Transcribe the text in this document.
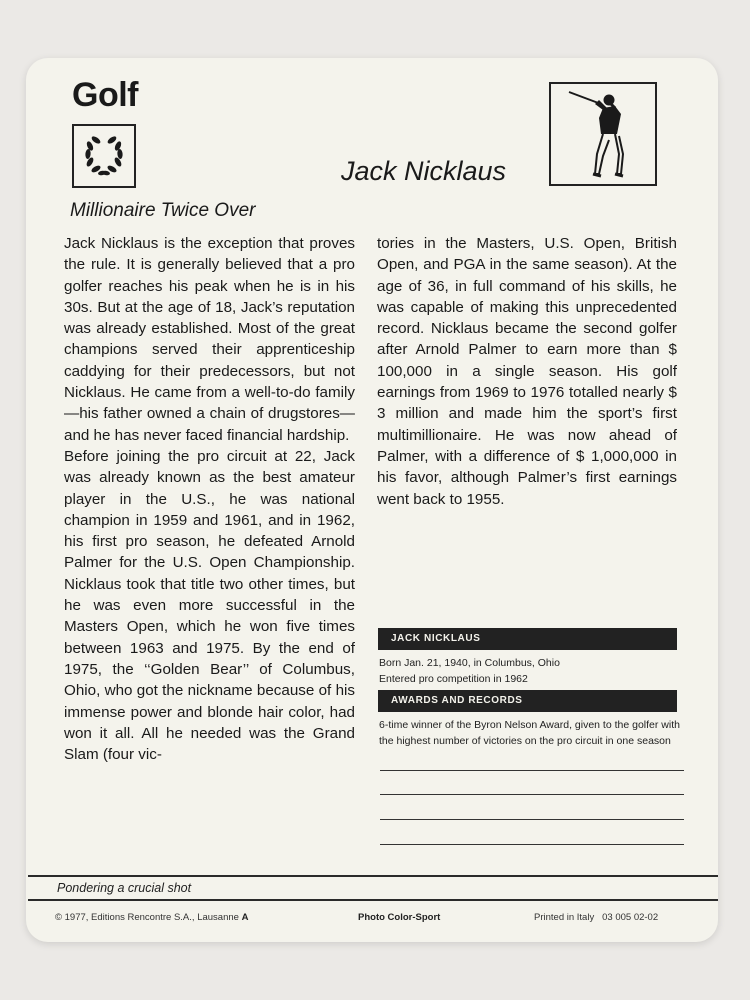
Golf
Jack Nicklaus
Millionaire Twice Over

Jack Nicklaus is the exception that proves the rule. It is generally believed that a pro golfer reaches his peak when he is in his 30s. But at the age of 18, Jack’s reputation was already established. Most of the great champions served their apprenticeship caddying for their predecessors, but not Nicklaus. He came from a well-to-do family—his father owned a chain of drugstores—and he has never faced financial hardship.

Before joining the pro circuit at 22, Jack was already known as the best amateur player in the U.S., he was national champion in 1959 and 1961, and in 1962, his first pro season, he defeated Arnold Palmer for the U.S. Open Championship. Nicklaus took that title two other times, but he was even more successful in the Masters Open, which he won five times between 1963 and 1975. By the end of 1975, the ‘‘Golden Bear’’ of Columbus, Ohio, who got the nickname because of his immense power and blonde hair color, had won it all. All he needed was the Grand Slam (four vic-

tories in the Masters, U.S. Open, British Open, and PGA in the same season). At the age of 36, in full command of his skills, he was capable of making this unprecedented record. Nicklaus became the second golfer after Arnold Palmer to earn more than $ 100,000 in a single season. His golf earnings from 1969 to 1976 totalled nearly $ 3 million and made him the sport’s first multimillionaire. He was now ahead of Palmer, with a difference of $ 1,000,000 in his favor, although Palmer’s first earnings went back to 1955.

JACK NICKLAUS
Born Jan. 21, 1940, in Columbus, Ohio
Entered pro competition in 1962
AWARDS AND RECORDS
6-time winner of the Byron Nelson Award, given to the golfer with the highest number of victories on the pro circuit in one season
Pondering a crucial shot
© 1977, Editions Rencontre S.A., Lausanne A	Photo Color-Sport	Printed in Italy 03 005 02-02
